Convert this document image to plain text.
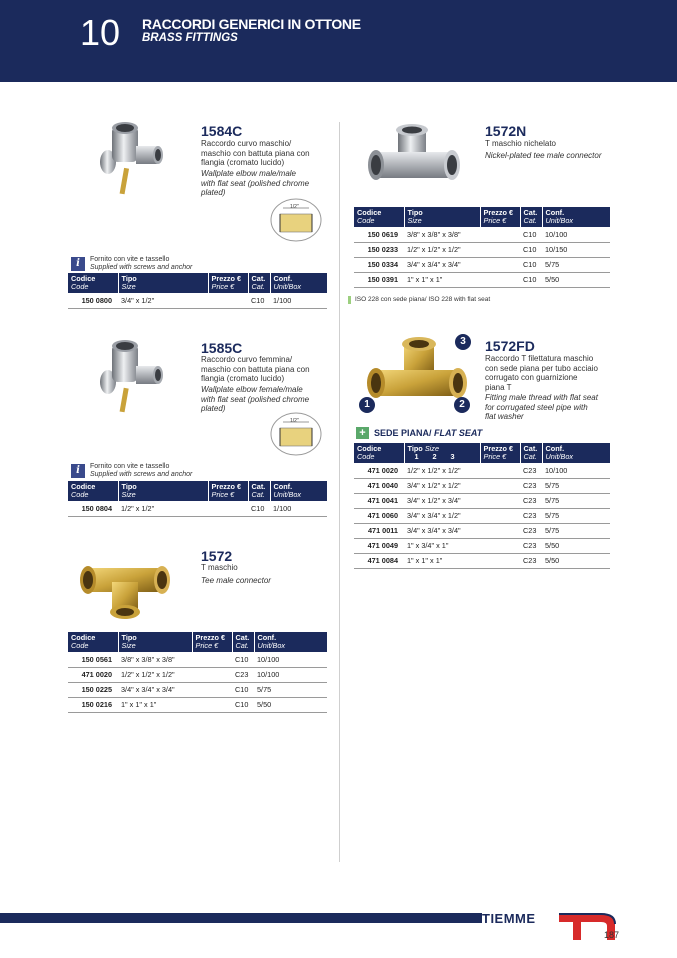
10 RACCORDI GENERICI IN OTTONE
BRASS FITTINGS
1584C
Raccordo curvo maschio/
maschio con battuta piana con
flangia (cromato lucido)
Wallplate elbow male/male
with flat seat (polished chrome
plated)
1/2"
i	Fornito con vite e tassello
Supplied with screws and anchor
Codice
Code	Tipo
Size	Prezzo €
Price €	Cat.
Cat.	Conf.
Unit/Box

150 0800	3/4" x 1/2"		C10	1/100
1585C
Raccordo curvo femmina/
maschio con battuta piana con
flangia (cromato lucido)
Wallplate elbow female/male
with flat seat (polished chrome
plated)
1/2"
i	Fornito con vite e tassello
Supplied with screws and anchor
Codice
Code	Tipo
Size	Prezzo €
Price €	Cat.
Cat.	Conf.
Unit/Box

150 0804	1/2" x 1/2"		C10	1/100
1572
T maschio
Tee male connector
Codice
Code	Tipo
Size	Prezzo €
Price €	Cat.
Cat.	Conf.
Unit/Box

150 0561	3/8" x 3/8" x 3/8"		C10	10/100
471 0020	1/2" x 1/2" x 1/2"		C23	10/100
150 0225	3/4" x 3/4" x 3/4"		C10	5/75
150 0216	1" x 1" x 1"		C10	5/50
1572N
T maschio nichelato
Nickel-plated tee male connector
Codice
Code	Tipo
Size	Prezzo €
Price €	Cat.
Cat.	Conf.
Unit/Box

150 0619	3/8" x 3/8" x 3/8"		C10	10/100
150 0233	1/2" x 1/2" x 1/2"		C10	10/150
150 0334	3/4" x 3/4" x 3/4"		C10	5/75
150 0391	1" x 1" x 1"		C10	5/50
ISO 228 con sede piana/ ISO 228 with flat seat
3
1	2
1572FD
Raccordo T filettatura maschio
con sede piana per tubo acciaio
corrugato con guarnizione
piana T
Fitting male thread with flat seat
for corrugated steel pipe with
flat washer
+ SEDE PIANA/ FLAT SEAT
Codice
Code	Tipo Size
1 2 3	Prezzo €
Price €	Cat.
Cat.	Conf.
Unit/Box

471 0020	1/2" x 1/2" x 1/2"		C23	10/100
471 0040	3/4" x 1/2" x 1/2"		C23	5/75
471 0041	3/4" x 1/2" x 3/4"		C23	5/75
471 0060	3/4" x 3/4" x 1/2"		C23	5/75
471 0011	3/4" x 3/4" x 3/4"		C23	5/75
471 0049	1" x 3/4" x 1"		C23	5/50
471 0084	1" x 1" x 1"		C23	5/50
TIEMME
187
